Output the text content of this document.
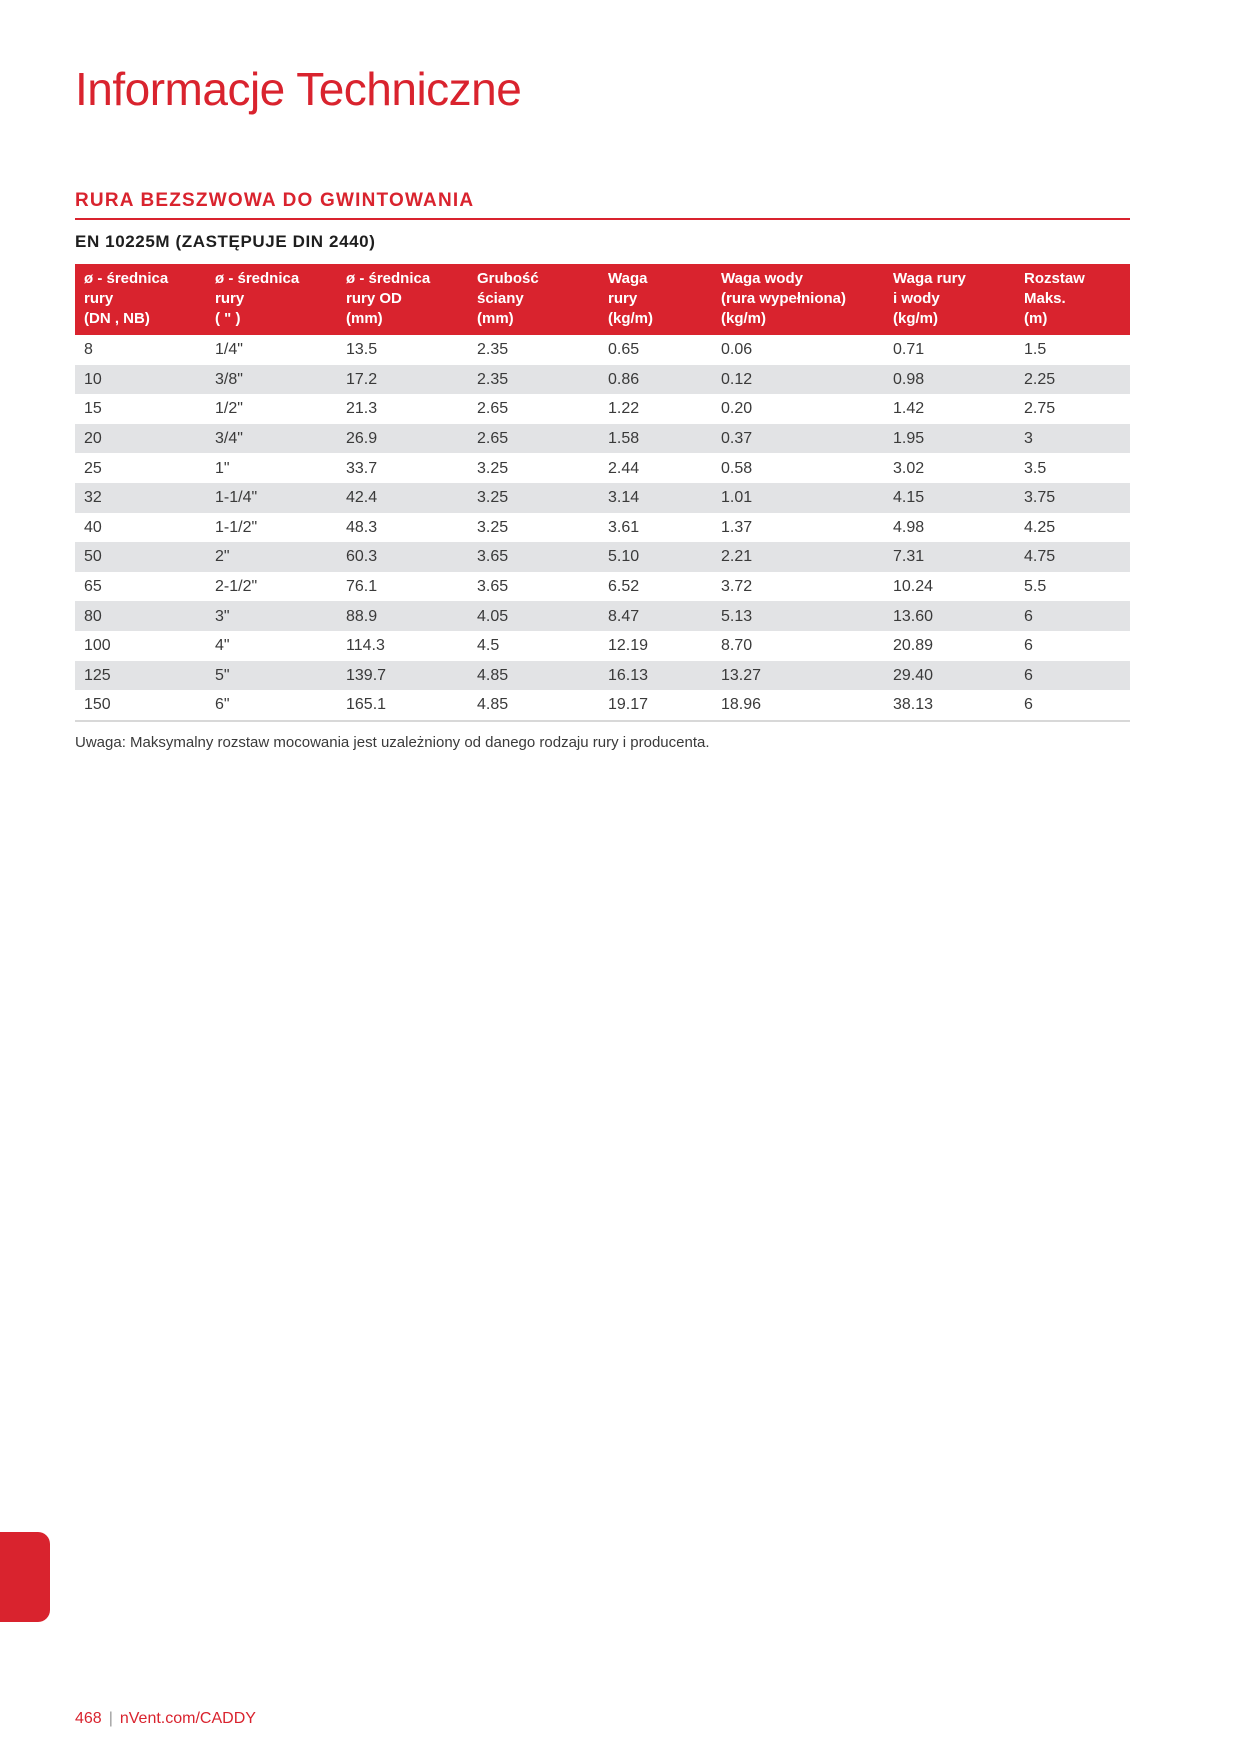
Informacje Techniczne
RURA BEZSZWOWA DO GWINTOWANIA
EN 10225M (ZASTĘPUJE DIN 2440)
ø - średnica
rury
(DN , NB)	ø - średnica
rury
( " )	ø - średnica
rury OD
(mm)	Grubość
ściany
(mm)	Waga
rury
(kg/m)	Waga wody
(rura wypełniona)
(kg/m)	Waga rury
i wody
(kg/m)	Rozstaw
Maks.
(m)
8	1/4"	13.5	2.35	0.65	0.06	0.71	1.5
10	3/8"	17.2	2.35	0.86	0.12	0.98	2.25
15	1/2"	21.3	2.65	1.22	0.20	1.42	2.75
20	3/4"	26.9	2.65	1.58	0.37	1.95	3
25	1"	33.7	3.25	2.44	0.58	3.02	3.5
32	1-1/4"	42.4	3.25	3.14	1.01	4.15	3.75
40	1-1/2"	48.3	3.25	3.61	1.37	4.98	4.25
50	2"	60.3	3.65	5.10	2.21	7.31	4.75
65	2-1/2"	76.1	3.65	6.52	3.72	10.24	5.5
80	3"	88.9	4.05	8.47	5.13	13.60	6
100	4"	114.3	4.5	12.19	8.70	20.89	6
125	5"	139.7	4.85	16.13	13.27	29.40	6
150	6"	165.1	4.85	19.17	18.96	38.13	6

Uwaga: Maksymalny rozstaw mocowania jest uzależniony od danego rodzaju rury i producenta.

468 | nVent.com/CADDY
